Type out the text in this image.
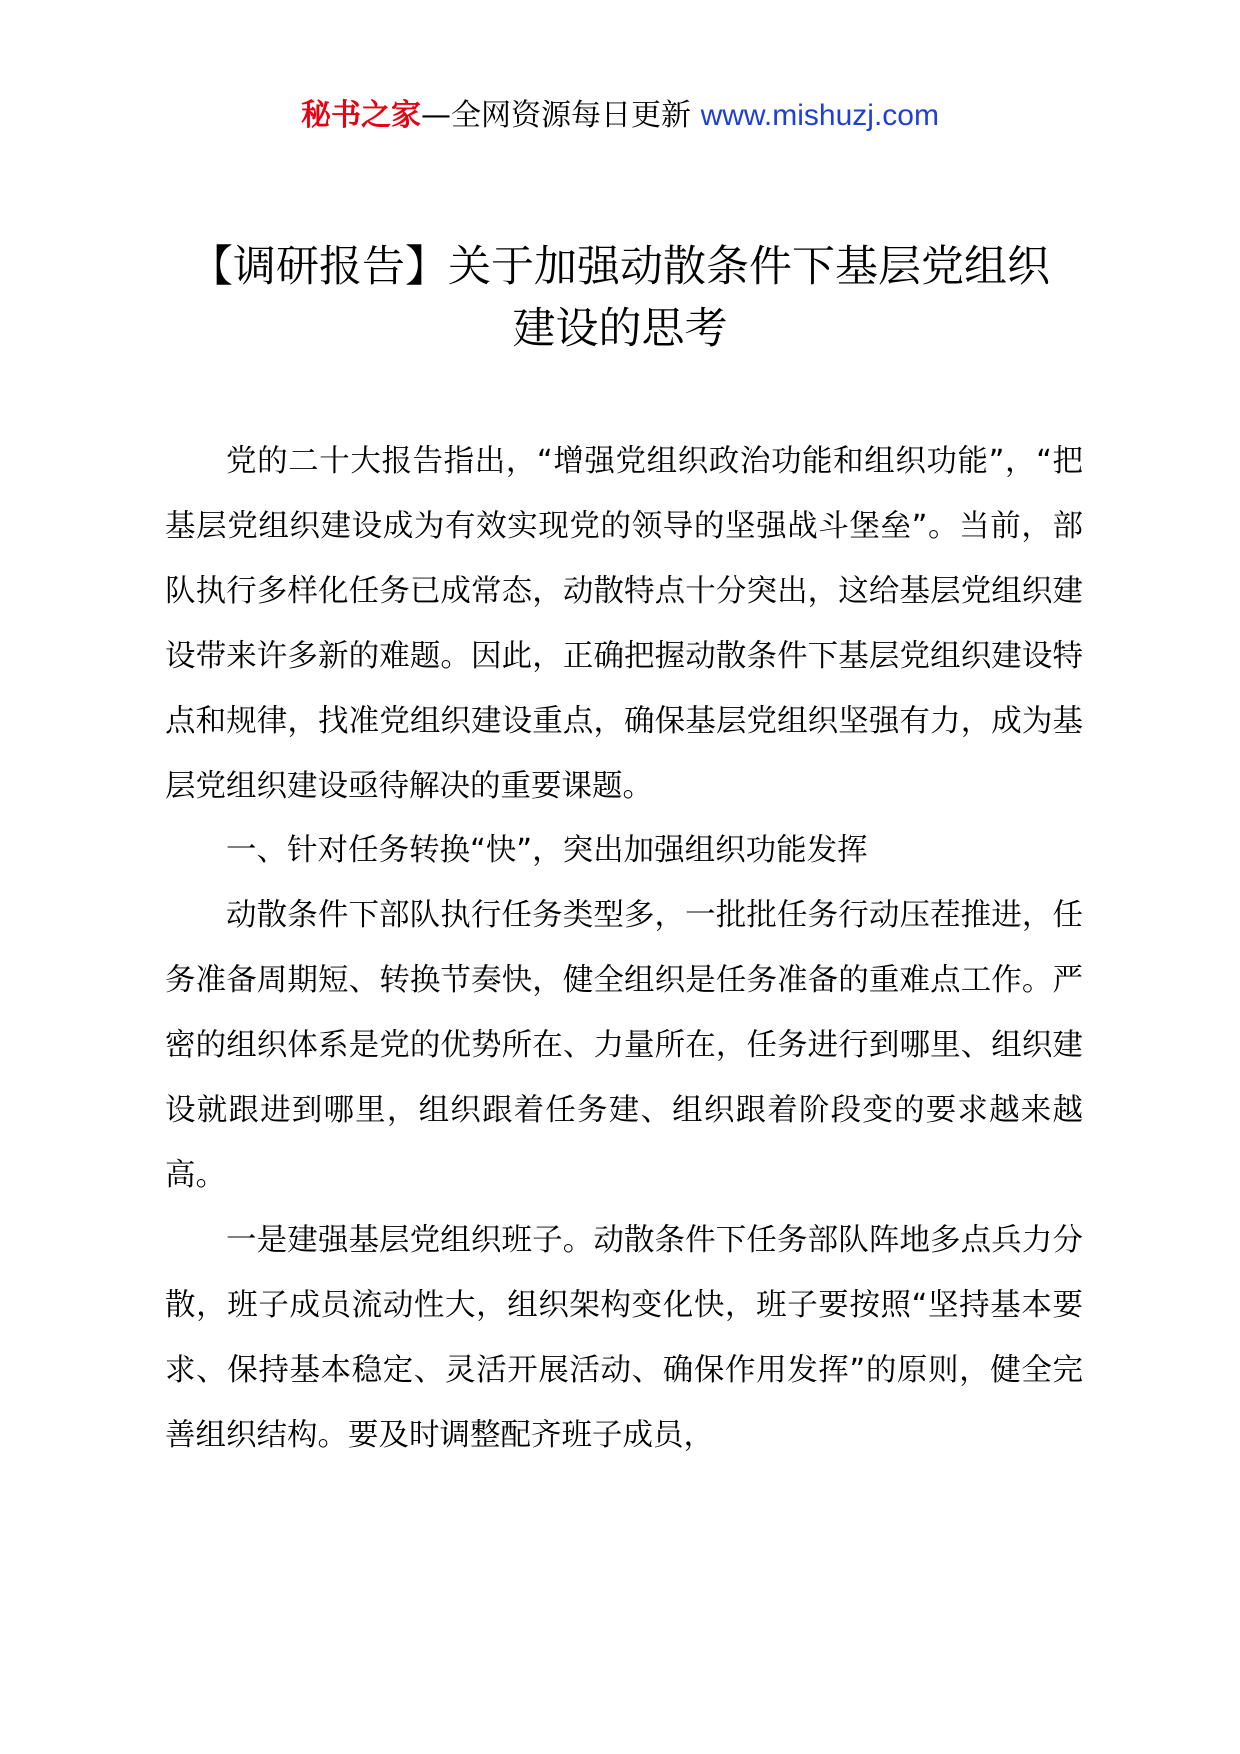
秘书之家—全网资源每日更新 www.mishuzj.com
【调研报告】关于加强动散条件下基层党组织
建设的思考

党的二十大报告指出，“增强党组织政治功能和组织功能”，“把基层党组织建设成为有效实现党的领导的坚强战斗堡垒”。当前，部队执行多样化任务已成常态，动散特点十分突出，这给基层党组织建设带来许多新的难题。因此，正确把握动散条件下基层党组织建设特点和规律，找准党组织建设重点，确保基层党组织坚强有力，成为基层党组织建设亟待解决的重要课题。

一、针对任务转换“快”，突出加强组织功能发挥

动散条件下部队执行任务类型多，一批批任务行动压茬推进，任务准备周期短、转换节奏快，健全组织是任务准备的重难点工作。严密的组织体系是党的优势所在、力量所在，任务进行到哪里、组织建设就跟进到哪里，组织跟着任务建、组织跟着阶段变的要求越来越高。

一是建强基层党组织班子。动散条件下任务部队阵地多点兵力分散，班子成员流动性大，组织架构变化快，班子要按照“坚持基本要求、保持基本稳定、灵活开展活动、确保作用发挥”的原则，健全完善组织结构。要及时调整配齐班子成员，
